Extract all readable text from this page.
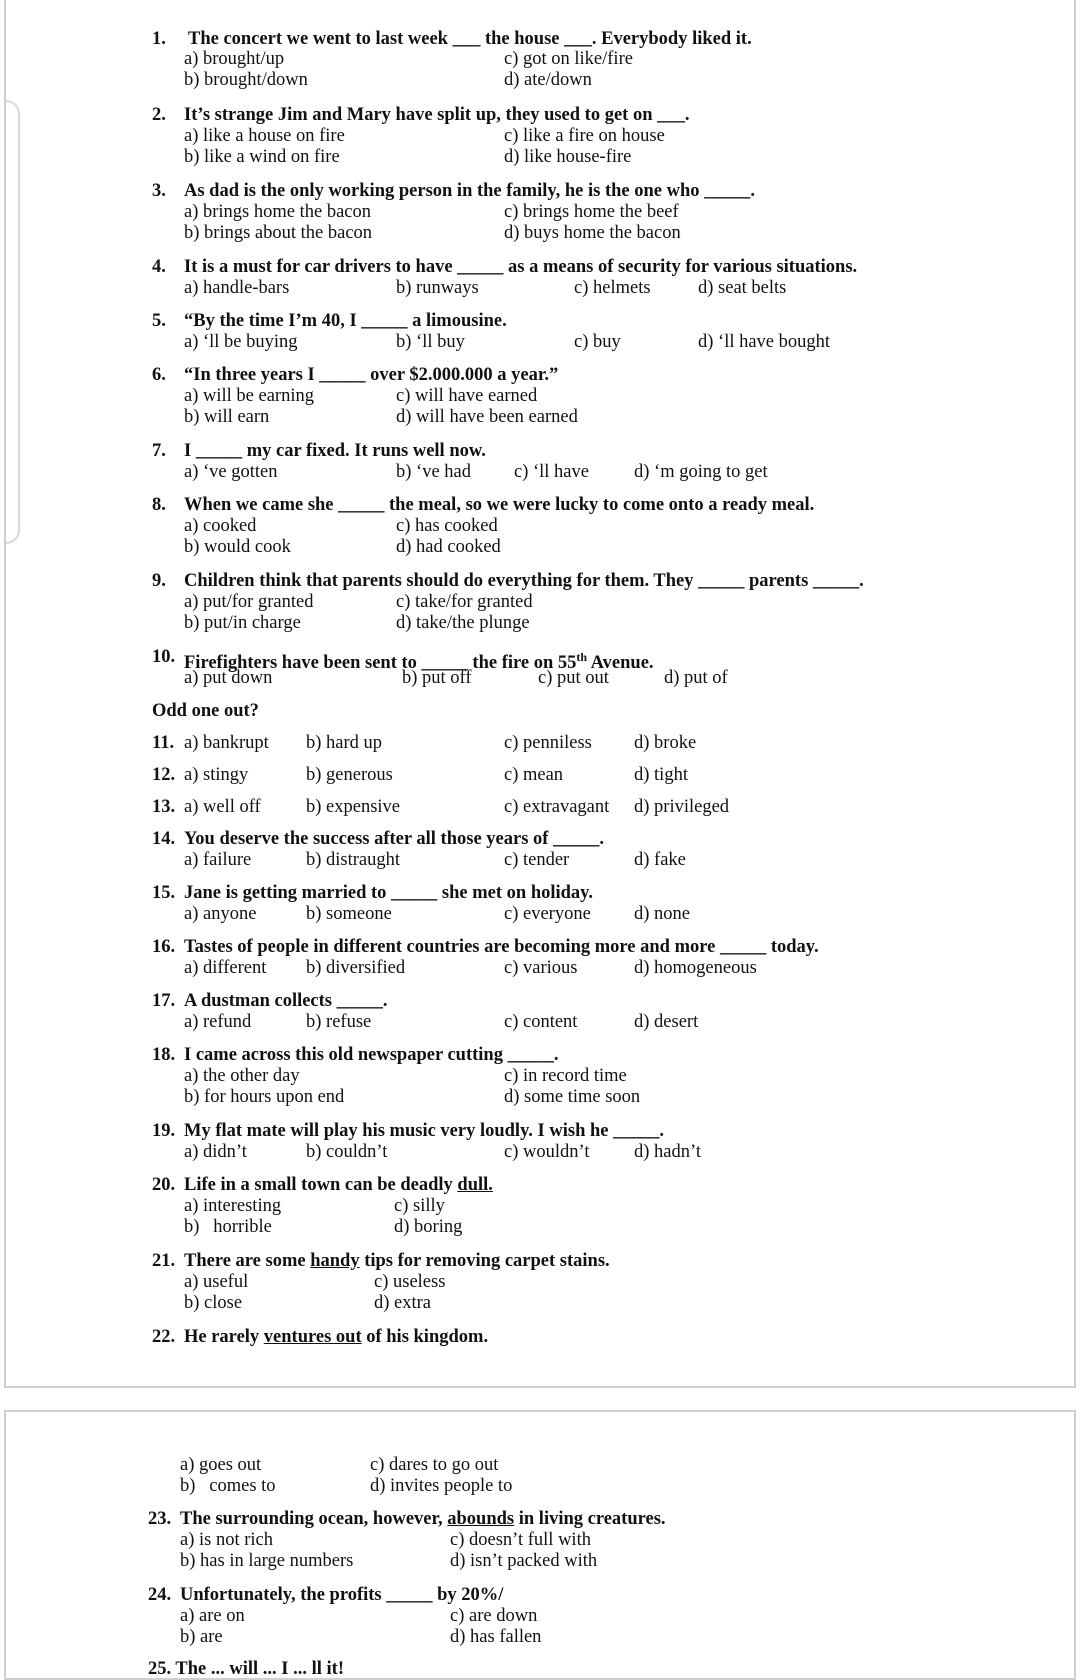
1. The concert we went to last week ___ the house ___. Everybody liked it.
a) brought/up	c) got on like/fire
b) brought/down	d) ate/down
2. It’s strange Jim and Mary have split up, they used to get on ___.
a) like a house on fire	c) like a fire on house
b) like a wind on fire	d) like house-fire
3. As dad is the only working person in the family, he is the one who _____.
a) brings home the bacon	c) brings home the beef
b) brings about the bacon	d) buys home the bacon
4. It is a must for car drivers to have _____ as a means of security for various situations.
a) handle-bars	b) runways	c) helmets	d) seat belts
5. “By the time I’m 40, I _____ a limousine.
a) ‘ll be buying	b) ‘ll buy	c) buy	d) ‘ll have bought
6. “In three years I _____ over $2.000.000 a year.”
a) will be earning	c) will have earned
b) will earn	d) will have been earned
7. I _____ my car fixed. It runs well now.
a) ‘ve gotten	b) ‘ve had c) ‘ll have d) ‘m going to get
8. When we came she _____ the meal, so we were lucky to come onto a ready meal.
a) cooked	c) has cooked
b) would cook	d) had cooked
9. Children think that parents should do everything for them. They _____ parents _____.
a) put/for granted	c) take/for granted
b) put/in charge	d) take/the plunge
10. Firefighters have been sent to _____ the fire on 55th Avenue.
a) put down	b) put off	c) put out	d) put of
Odd one out?
11. a) bankrupt b) hard up	c) penniless d) broke
12. a) stingy	b) generous	c) mean	d) tight
13. a) well off b) expensive	c) extravagant d) privileged
14. You deserve the success after all those years of _____.
a) failure	b) distraught	c) tender	d) fake
15. Jane is getting married to _____ she met on holiday.
a) anyone	b) someone	c) everyone d) none
16. Tastes of people in different countries are becoming more and more _____ today.
a) different b) diversified	c) various	d) homogeneous
17. A dustman collects _____.
a) refund	b) refuse	c) content	d) desert
18. I came across this old newspaper cutting _____.
a) the other day	c) in record time
b) for hours upon end	d) some time soon
19. My flat mate will play his music very loudly. I wish he _____.
a) didn’t	b) couldn’t	c) wouldn’t d) hadn’t
20. Life in a small town can be deadly dull.
a) interesting	c) silly
b)   horrible	d) boring
21. There are some handy tips for removing carpet stains.
a) useful	c) useless
b) close	d) extra
22. He rarely ventures out of his kingdom.
a) goes out	c) dares to go out
b)   comes to	d) invites people to
23. The surrounding ocean, however, abounds in living creatures.
a) is not rich	c) doesn’t full with
b) has in large numbers	d) isn’t packed with
24. Unfortunately, the profits _____ by 20%/
a) are on	c) are down
b) are	d) has fallen
25. The ... will ... I ... ll it!
